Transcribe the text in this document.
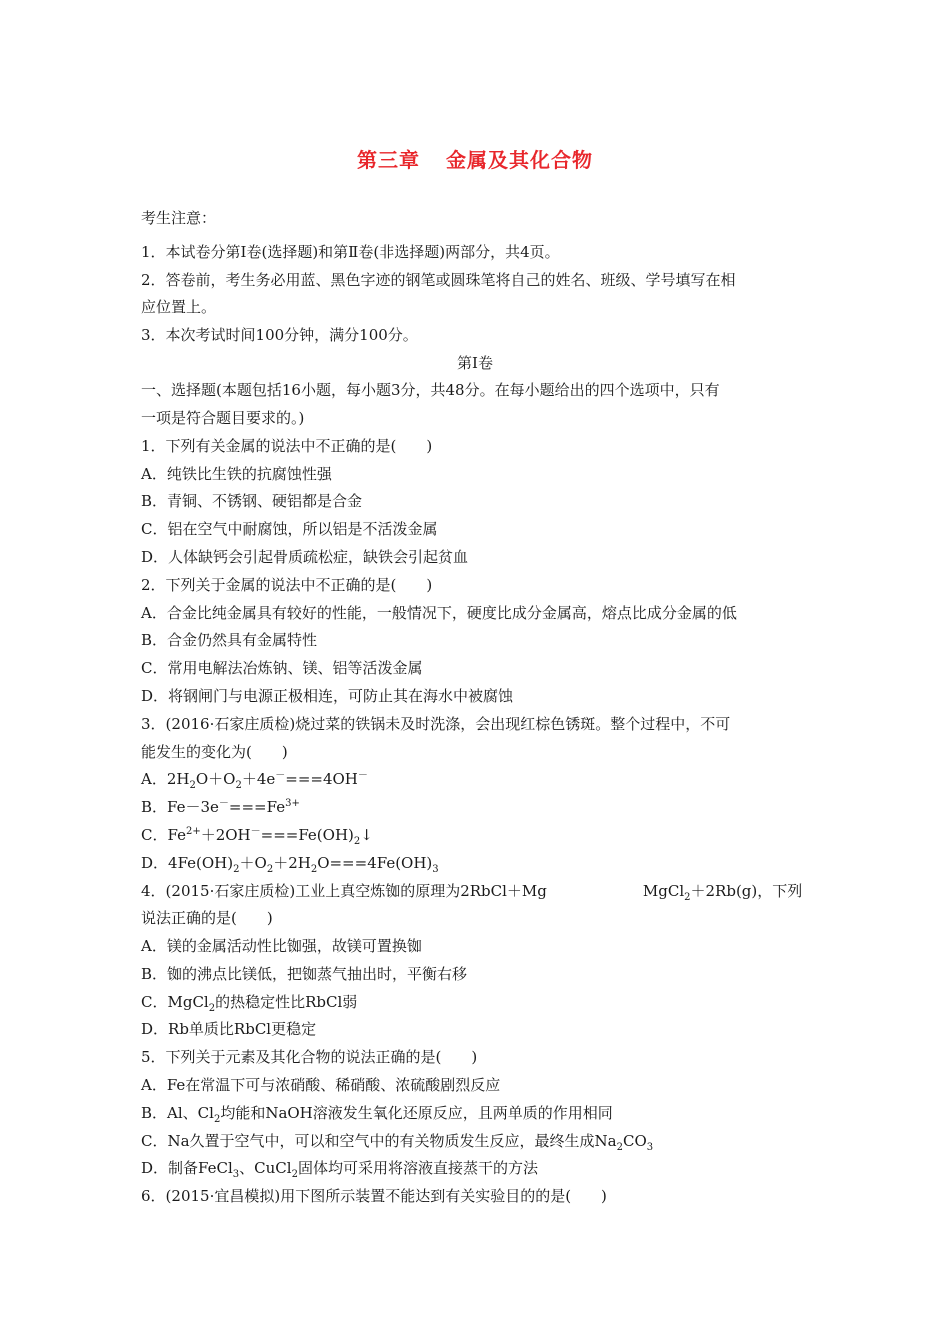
第三章 金属及其化合物
考生注意：
1．本试卷分第Ⅰ卷(选择题)和第Ⅱ卷(非选择题)两部分，共4页。
2．答卷前，考生务必用蓝、黑色字迹的钢笔或圆珠笔将自己的姓名、班级、学号填写在相
应位置上。
3．本次考试时间100分钟，满分100分。
第Ⅰ卷
一、选择题(本题包括16小题，每小题3分，共48分。在每小题给出的四个选项中，只有
一项是符合题目要求的。)
1．下列有关金属的说法中不正确的是(　　)
A．纯铁比生铁的抗腐蚀性强
B．青铜、不锈钢、硬铝都是合金
C．铝在空气中耐腐蚀，所以铝是不活泼金属
D．人体缺钙会引起骨质疏松症，缺铁会引起贫血
2．下列关于金属的说法中不正确的是(　　)
A．合金比纯金属具有较好的性能，一般情况下，硬度比成分金属高，熔点比成分金属的低
B．合金仍然具有金属特性
C．常用电解法冶炼钠、镁、铝等活泼金属
D．将钢闸门与电源正极相连，可防止其在海水中被腐蚀
3．(2016·石家庄质检)烧过菜的铁锅未及时洗涤，会出现红棕色锈斑。整个过程中，不可
能发生的变化为(　　)
A．$2H_2O+O_2+4e^-===4OH^-$
B．$Fe-3e^-===Fe^{3+}$
C．$Fe^{2+}+2OH^-===Fe(OH)_2↓$
D．$4Fe(OH)_2+O_2+2H_2O===4Fe(OH)_3$
4．(2015·石家庄质检)工业上真空炼铷的原理为2RbCl＋Mg	MgCl$_2$＋2Rb(g)，下列
说法正确的是(　　)
A．镁的金属活动性比铷强，故镁可置换铷
B．铷的沸点比镁低，把铷蒸气抽出时，平衡右移
C．MgCl$_2$的热稳定性比RbCl弱
D．Rb单质比RbCl更稳定
5．下列关于元素及其化合物的说法正确的是(　　)
A．Fe在常温下可与浓硝酸、稀硝酸、浓硫酸剧烈反应
B．Al、$Cl_2$均能和NaOH溶液发生氧化还原反应，且两单质的作用相同
C．Na久置于空气中，可以和空气中的有关物质发生反应，最终生成$Na_2CO_3$
D．制备FeCl$_3$、CuCl$_2$固体均可采用将溶液直接蒸干的方法
6．(2015·宜昌模拟)用下图所示装置不能达到有关实验目的的是(　　)
